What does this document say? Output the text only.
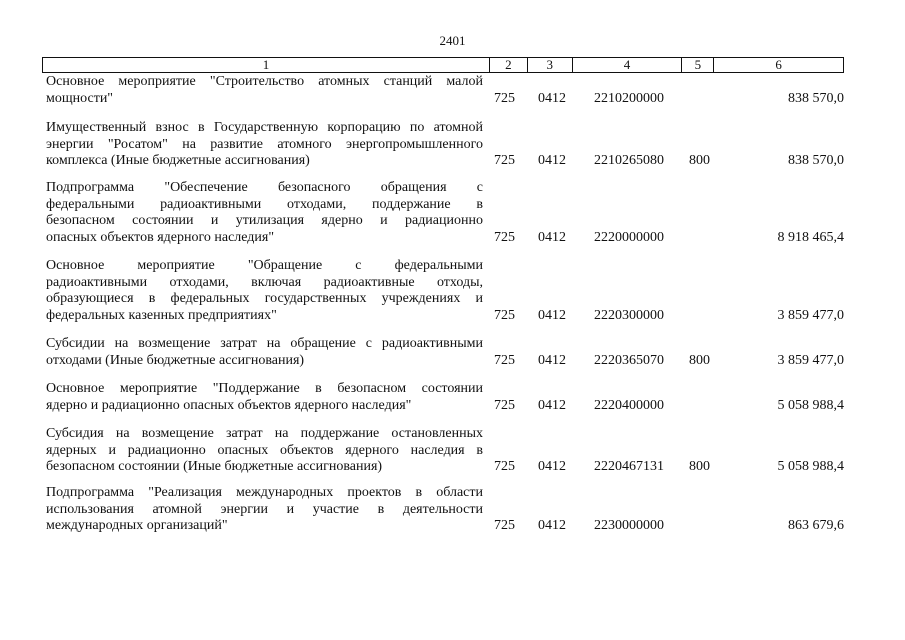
2401
1	2	3	4	5	6
Основное мероприятие "Строительство атомных станций малой
мощности"	725 0412 2210200000	838 570,0
Имущественный взнос в Государственную корпорацию по атомной
энергии "Росатом" на развитие атомного энергопромышленного
комплекса (Иные бюджетные ассигнования)	725 0412 2210265080 800	838 570,0
Подпрограмма "Обеспечение безопасного обращения с
федеральными радиоактивными отходами, поддержание в
безопасном состоянии и утилизация ядерно и радиационно
опасных объектов ядерного наследия"	725 0412 2220000000	8 918 465,4
Основное мероприятие "Обращение с федеральными
радиоактивными отходами, включая радиоактивные отходы,
образующиеся в федеральных государственных учреждениях и
федеральных казенных предприятиях"	725 0412 2220300000	3 859 477,0
Субсидии на возмещение затрат на обращение с радиоактивными
отходами (Иные бюджетные ассигнования)	725 0412 2220365070 800	3 859 477,0
Основное мероприятие "Поддержание в безопасном состоянии
ядерно и радиационно опасных объектов ядерного наследия"	725 0412 2220400000	5 058 988,4
Субсидия на возмещение затрат на поддержание остановленных
ядерных и радиационно опасных объектов ядерного наследия в
безопасном состоянии (Иные бюджетные ассигнования)	725 0412 2220467131 800	5 058 988,4
Подпрограмма "Реализация международных проектов в области
использования атомной энергии и участие в деятельности
международных организаций"	725 0412 2230000000	863 679,6
